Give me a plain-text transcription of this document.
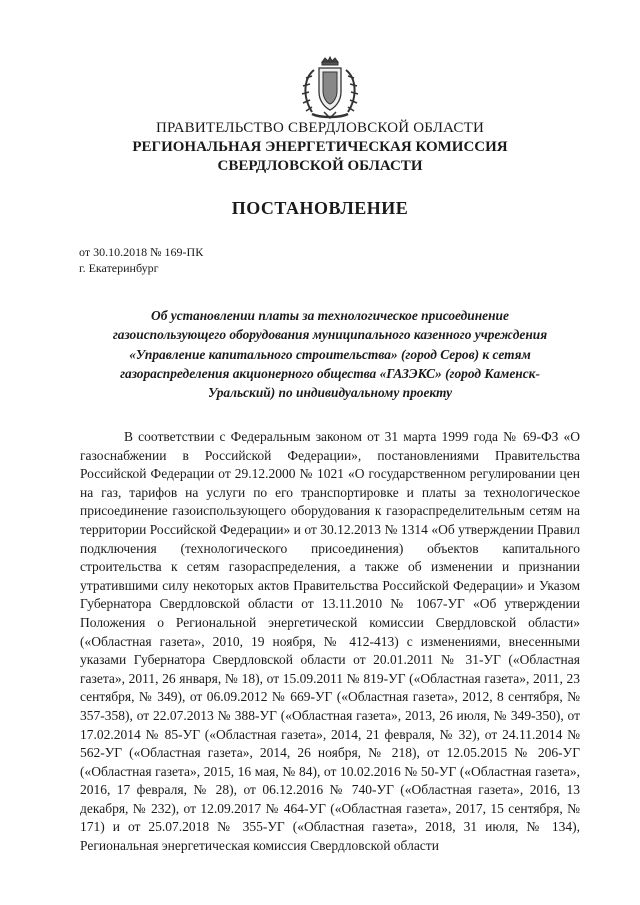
ПРАВИТЕЛЬСТВО СВЕРДЛОВСКОЙ ОБЛАСТИ
РЕГИОНАЛЬНАЯ ЭНЕРГЕТИЧЕСКАЯ КОМИССИЯ
СВЕРДЛОВСКОЙ ОБЛАСТИ
ПОСТАНОВЛЕНИЕ
от 30.10.2018 № 169-ПК
г. Екатеринбург
Об установлении платы за технологическое присоединение газоиспользующего оборудования муниципального казенного учреждения «Управление капитального строительства» (город Серов) к сетям газораспределения акционерного общества «ГАЗЭКС» (город Каменск-Уральский) по индивидуальному проекту

В соответствии с Федеральным законом от 31 марта 1999 года № 69-ФЗ «О газоснабжении в Российской Федерации», постановлениями Правительства Российской Федерации от 29.12.2000 № 1021 «О государственном регулировании цен на газ, тарифов на услуги по его транспортировке и платы за технологическое присоединение газоиспользующего оборудования к газораспределительным сетям на территории Российской Федерации» и от 30.12.2013 № 1314 «Об утверждении Правил подключения (технологического присоединения) объектов капитального строительства к сетям газораспределения, а также об изменении и признании утратившими силу некоторых актов Правительства Российской Федерации» и Указом Губернатора Свердловской области от 13.11.2010 № 1067-УГ «Об утверждении Положения о Региональной энергетической комиссии Свердловской области» («Областная газета», 2010, 19 ноября, № 412-413) с изменениями, внесенными указами Губернатора Свердловской области от 20.01.2011 № 31-УГ («Областная газета», 2011, 26 января, № 18), от 15.09.2011 № 819-УГ («Областная газета», 2011, 23 сентября, № 349), от 06.09.2012 № 669-УГ («Областная газета», 2012, 8 сентября, № 357-358), от 22.07.2013 № 388-УГ («Областная газета», 2013, 26 июля, № 349-350), от 17.02.2014 № 85-УГ («Областная газета», 2014, 21 февраля, № 32), от 24.11.2014 № 562-УГ («Областная газета», 2014, 26 ноября, № 218), от 12.05.2015 № 206-УГ («Областная газета», 2015, 16 мая, № 84), от 10.02.2016 № 50-УГ («Областная газета», 2016, 17 февраля, № 28), от 06.12.2016 № 740-УГ («Областная газета», 2016, 13 декабря, № 232), от 12.09.2017 № 464-УГ («Областная газета», 2017, 15 сентября, № 171) и от 25.07.2018 № 355-УГ («Областная газета», 2018, 31 июля, № 134), Региональная энергетическая комиссия Свердловской области
